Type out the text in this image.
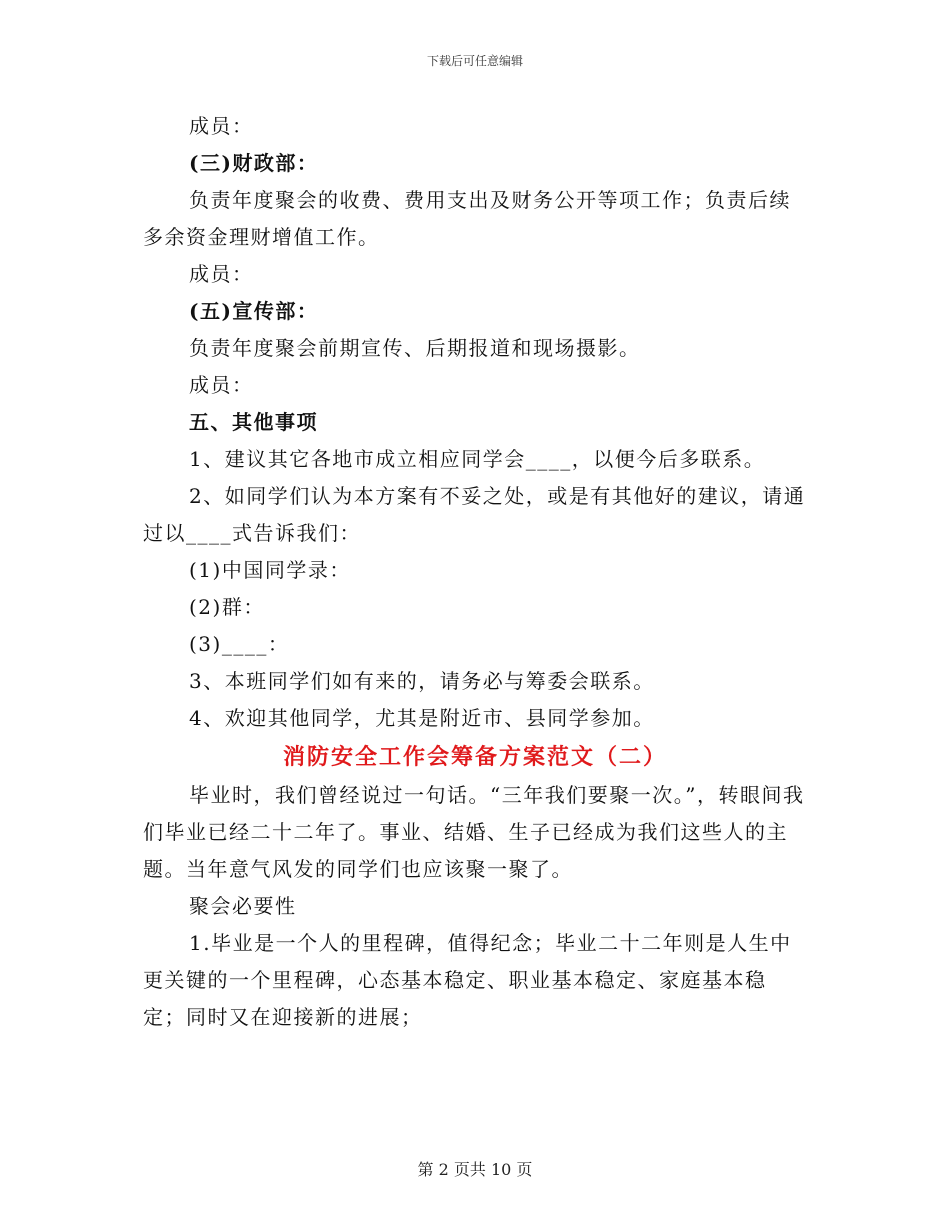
下载后可任意编辑

成员：

(三)财政部：

负责年度聚会的收费、费用支出及财务公开等项工作；负责后续多余资金理财增值工作。

成员：

(五)宣传部：

负责年度聚会前期宣传、后期报道和现场摄影。

成员：

五、其他事项

1、建议其它各地市成立相应同学会____，以便今后多联系。

2、如同学们认为本方案有不妥之处，或是有其他好的建议，请通过以____式告诉我们：

(1)中国同学录：

(2)群：

(3)____：

3、本班同学们如有来的，请务必与筹委会联系。

4、欢迎其他同学，尤其是附近市、县同学参加。

消防安全工作会筹备方案范文（二）

毕业时，我们曾经说过一句话。“三年我们要聚一次。”，转眼间我们毕业已经二十二年了。事业、结婚、生子已经成为我们这些人的主题。当年意气风发的同学们也应该聚一聚了。

聚会必要性

1.毕业是一个人的里程碑，值得纪念；毕业二十二年则是人生中更关键的一个里程碑，心态基本稳定、职业基本稳定、家庭基本稳定；同时又在迎接新的进展；

第 2 页共 10 页
